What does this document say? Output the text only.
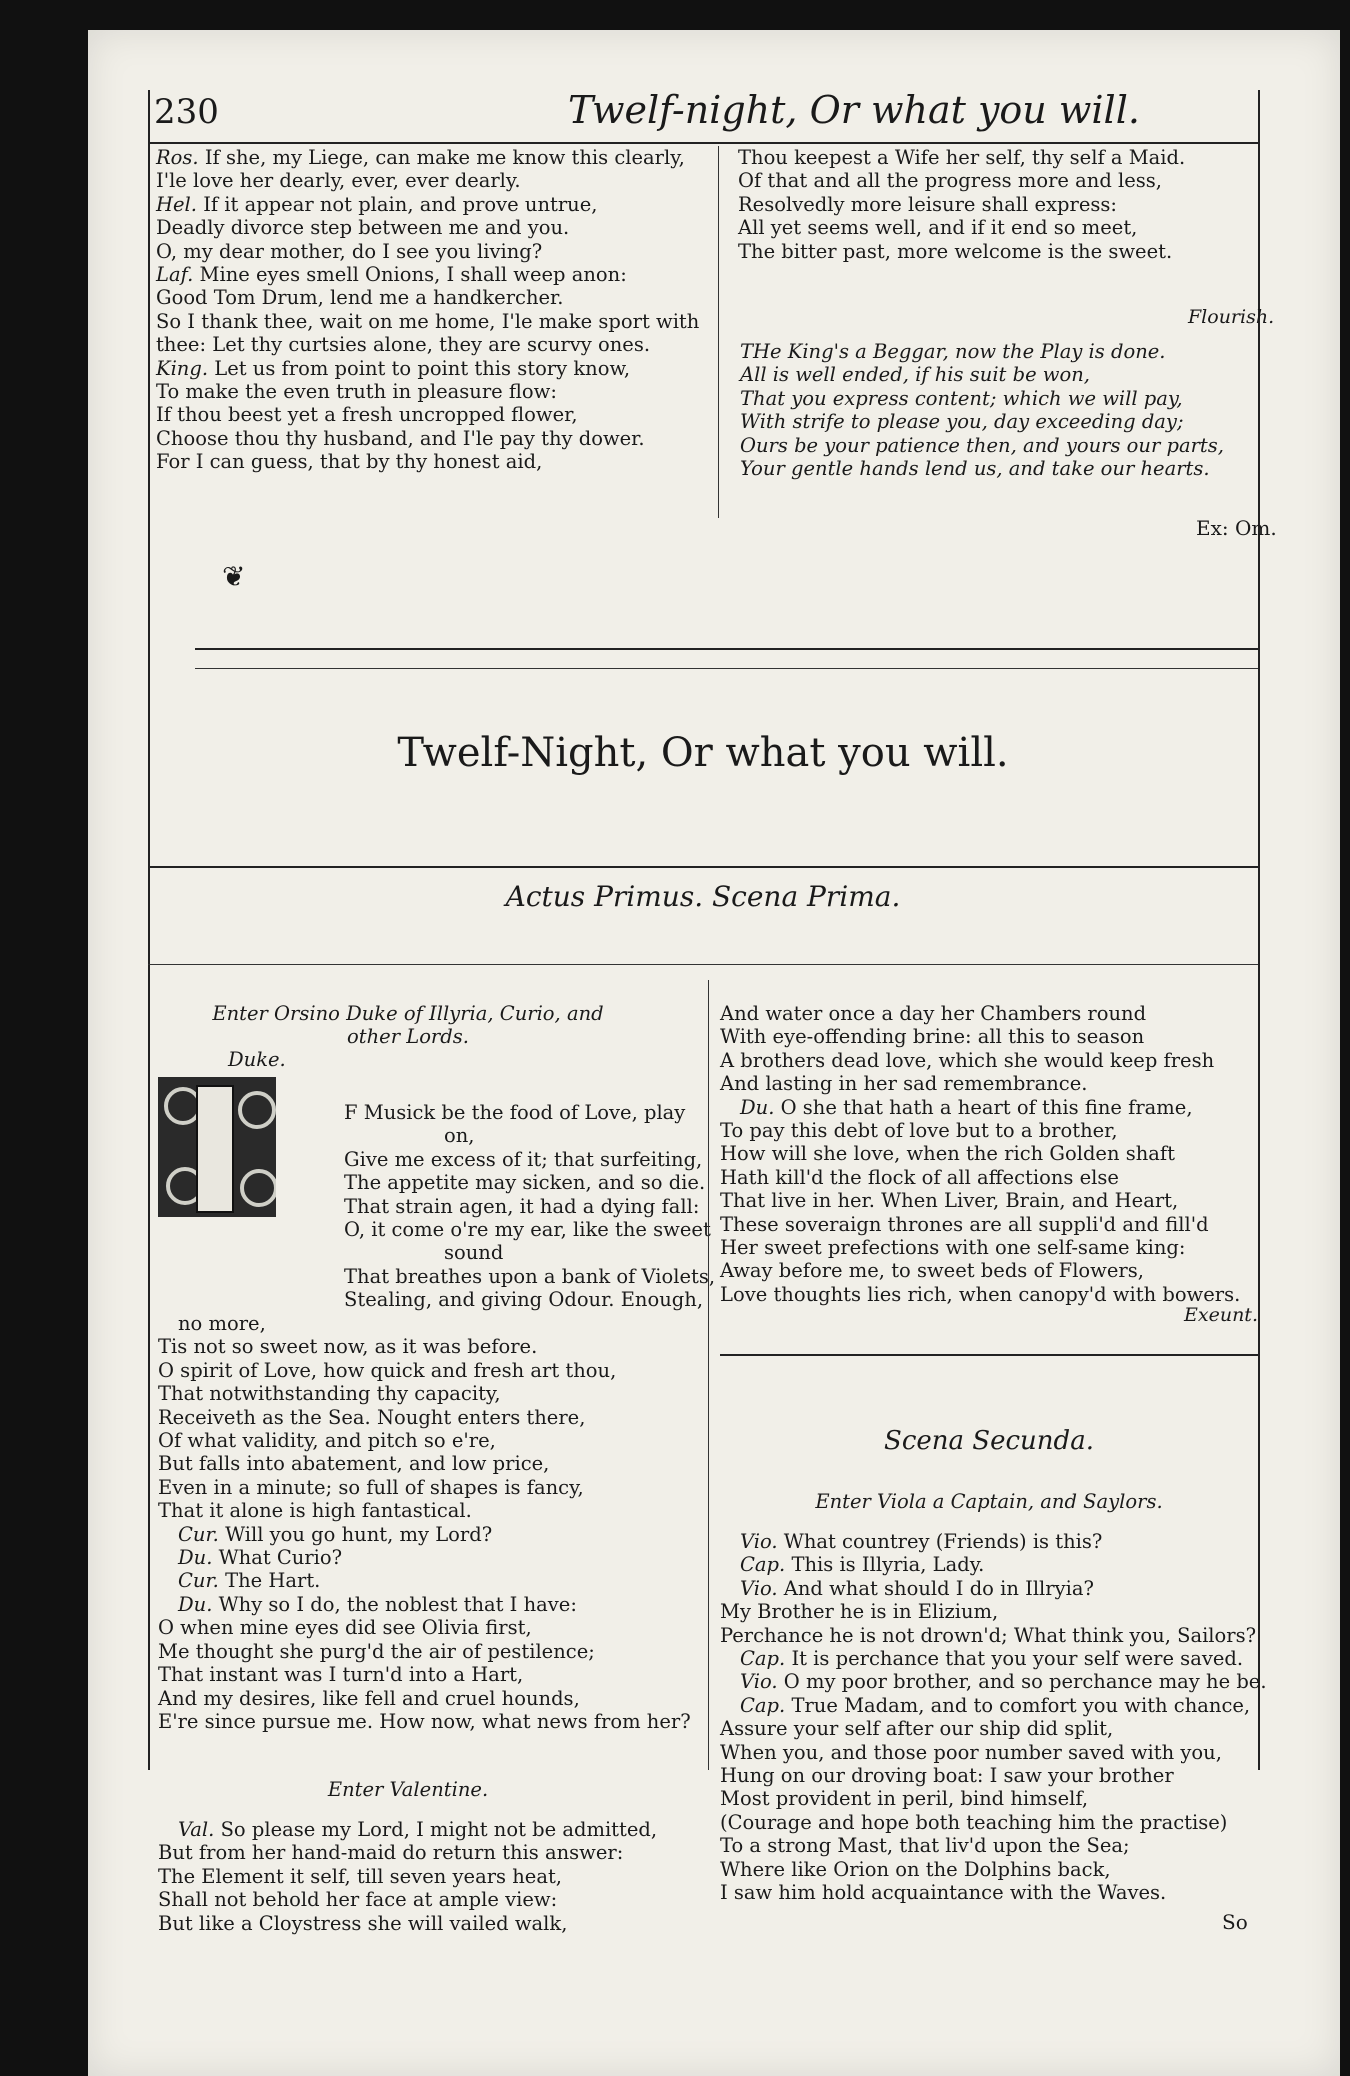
230	Twelf-night, Or what you will.
Ros. If she, my Liege, can make me know this clearly,
I'le love her dearly, ever, ever dearly.
Hel. If it appear not plain, and prove untrue,
Deadly divorce step between me and you.
O, my dear mother, do I see you living?
Laf. Mine eyes smell Onions, I shall weep anon:
Good Tom Drum, lend me a handkercher.
So I thank thee, wait on me home, I'le make sport with
thee: Let thy curtsies alone, they are scurvy ones.
King. Let us from point to point this story know,
To make the even truth in pleasure flow:
If thou beest yet a fresh uncropped flower,
Choose thou thy husband, and I'le pay thy dower.
For I can guess, that by thy honest aid,
Thou keepest a Wife her self, thy self a Maid.
Of that and all the progress more and less,
Resolvedly more leisure shall express:
All yet seems well, and if it end so meet,
The bitter past, more welcome is the sweet.
Flourish.
THe King's a Beggar, now the Play is done.
All is well ended, if his suit be won,
That you express content; which we will pay,
With strife to please you, day exceeding day;
Ours be your patience then, and yours our parts,
Your gentle hands lend us, and take our hearts.
Ex: Om.
❦
Twelf-Night, Or what you will.
Actus Primus. Scena Prima.
Enter Orsino Duke of Illyria, Curio, and other Lords.
Duke.
F Musick be the food of Love, play
on,
Give me excess of it; that surfeiting,
The appetite may sicken, and so die.
That strain agen, it had a dying fall:
O, it come o're my ear, like the sweet
sound
That breathes upon a bank of Violets,
Stealing, and giving Odour. Enough,
no more,
Tis not so sweet now, as it was before.
O spirit of Love, how quick and fresh art thou,
That notwithstanding thy capacity,
Receiveth as the Sea. Nought enters there,
Of what validity, and pitch so e're,
But falls into abatement, and low price,
Even in a minute; so full of shapes is fancy,
That it alone is high fantastical.
Cur. Will you go hunt, my Lord?
Du. What Curio?
Cur. The Hart.
Du. Why so I do, the noblest that I have:
O when mine eyes did see Olivia first,
Me thought she purg'd the air of pestilence;
That instant was I turn'd into a Hart,
And my desires, like fell and cruel hounds,
E're since pursue me. How now, what news from her?
Enter Valentine.
Val. So please my Lord, I might not be admitted,
But from her hand-maid do return this answer:
The Element it self, till seven years heat,
Shall not behold her face at ample view:
But like a Cloystress she will vailed walk,
And water once a day her Chambers round
With eye-offending brine: all this to season
A brothers dead love, which she would keep fresh
And lasting in her sad remembrance.
Du. O she that hath a heart of this fine frame,
To pay this debt of love but to a brother,
How will she love, when the rich Golden shaft
Hath kill'd the flock of all affections else
That live in her. When Liver, Brain, and Heart,
These soveraign thrones are all suppli'd and fill'd
Her sweet prefections with one self-same king:
Away before me, to sweet beds of Flowers,
Love thoughts lies rich, when canopy'd with bowers.
Exeunt.
Scena Secunda.
Enter Viola a Captain, and Saylors.
Vio. What countrey (Friends) is this?
Cap. This is Illyria, Lady.
Vio. And what should I do in Illryia?
My Brother he is in Elizium,
Perchance he is not drown'd; What think you, Sailors?
Cap. It is perchance that you your self were saved.
Vio. O my poor brother, and so perchance may he be.
Cap. True Madam, and to comfort you with chance,
Assure your self after our ship did split,
When you, and those poor number saved with you,
Hung on our droving boat: I saw your brother
Most provident in peril, bind himself,
(Courage and hope both teaching him the practise)
To a strong Mast, that liv'd upon the Sea;
Where like Orion on the Dolphins back,
I saw him hold acquaintance with the Waves.
So
